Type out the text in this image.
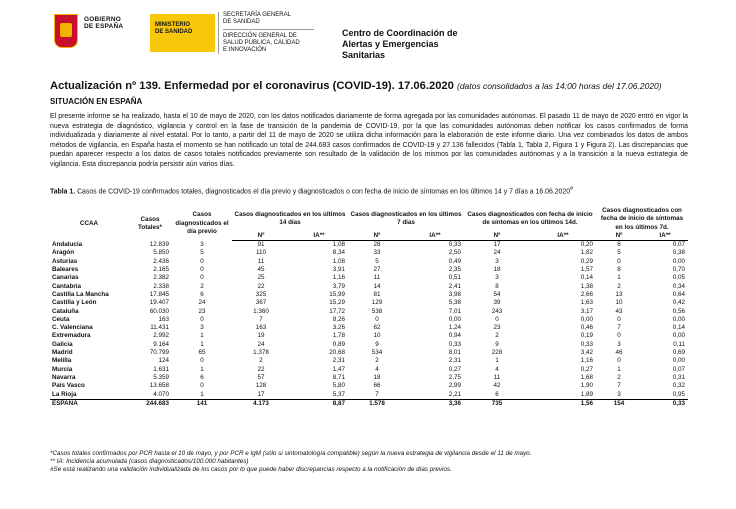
GOBIERNO
DE ESPAÑA	MINISTERIO
DE SANIDAD
SECRETARÍA GENERAL
DE SANIDAD
DIRECCIÓN GENERAL DE
SALUD PÚBLICA, CALIDAD
E INNOVACIÓN
Centro de Coordinación de
Alertas y Emergencias
Sanitarias
Actualización nº 139. Enfermedad por el coronavirus (COVID-19). 17.06.2020 (datos consolidados a las 14:00 horas del 17.06.2020)
SITUACIÓN EN ESPAÑA
El presente informe se ha realizado, hasta el 10 de mayo de 2020, con los datos notificados diariamente de forma agregada por las comunidades autónomas. El pasado 11 de mayo de 2020 entró en vigor la nueva estrategia de diagnóstico, vigilancia y control en la fase de transición de la pandemia de COVID-19, por la que las comunidades autónomas deben notificar los casos confirmados de forma individualizada y diariamente al nivel estatal. Por lo tanto, a partir del 11 de mayo de 2020 se utiliza dicha información para la elaboración de este informe diario. Una vez combinados los datos de ambos métodos de vigilancia, en España hasta el momento se han notificado un total de 244.683 casos confirmados de COVID-19 y 27.136 fallecidos (Tabla 1, Tabla 2, Figura 1 y Figura 2). Las discrepancias que puedan aparecer respecto a los datos de casos totales notificados previamente son resultado de la validación de los mismos por las comunidades autónomas y a la transición a la nueva estrategia de vigilancia. Esta discrepancia podría persistir aún varios días.
Tabla 1. Casos de COVID-19 confirmados totales, diagnosticados el día previo y diagnosticados o con fecha de inicio de síntomas en los últimos 14 y 7 días a 16.06.2020#
CCAA	Casos Totales*	Casos diagnosticados el día previo	Casos diagnosticados en los últimos 14 días		Casos diagnosticados en los últimos 7 días		Casos diagnosticados con fecha de inicio de síntomas en los últimos 14d.		Casos diagnosticados con fecha de inicio de síntomas en los últimos 7d.	
			Nº	IA**	Nº	IA**	Nº	IA**	Nº	IA**
Andalucía	12.839	3	91	1,08	28	0,33	17	0,20	6	0,07
Aragón	5.850	5	110	8,34	33	2,50	24	1,82	5	0,38
Asturias	2.436	0	11	1,08	5	0,49	3	0,29	0	0,00
Baleares	2.165	0	45	3,91	27	2,35	18	1,57	8	0,70
Canarias	2.382	0	25	1,16	11	0,51	3	0,14	1	0,05
Cantabria	2.338	2	22	3,79	14	2,41	8	1,38	2	0,34
Castilla La Mancha	17.845	6	325	15,99	81	3,98	54	2,66	13	0,64
Castilla y León	19.407	24	367	15,29	129	5,38	39	1,63	10	0,42
Cataluña	60.030	23	1.360	17,72	538	7,01	243	3,17	43	0,56
Ceuta	163	0	7	8,26	0	0,00	0	0,00	0	0,00
C. Valenciana	11.431	3	163	3,26	62	1,24	23	0,46	7	0,14
Extremadura	2.992	1	19	1,78	10	0,94	2	0,19	0	0,00
Galicia	9.164	1	24	0,89	9	0,33	9	0,33	3	0,11
Madrid	70.799	65	1.378	20,68	534	8,01	228	3,42	46	0,69
Melilla	124	0	2	2,31	2	2,31	1	1,16	0	0,00
Murcia	1.631	1	22	1,47	4	0,27	4	0,27	1	0,07
Navarra	5.359	6	57	8,71	18	2,75	11	1,68	2	0,31
País Vasco	13.658	0	128	5,80	66	2,99	42	1,90	7	0,32
La Rioja	4.070	1	17	5,37	7	2,21	6	1,89	3	0,95
ESPAÑA	244.683	141	4.173	8,87	1.578	3,36	735	1,56	154	0,33
*Casos totales confirmados por PCR hasta el 10 de mayo, y por PCR e IgM (sólo si sintomatología compatible) según la nueva estrategia de vigilancia desde el 11 de mayo.
** IA: Incidencia acumulada (casos diagnosticados/100.000 habitantes)
#Se está realizando una validación individualizada de los casos por lo que puede haber discrepancias respecto a la notificación de días previos.
